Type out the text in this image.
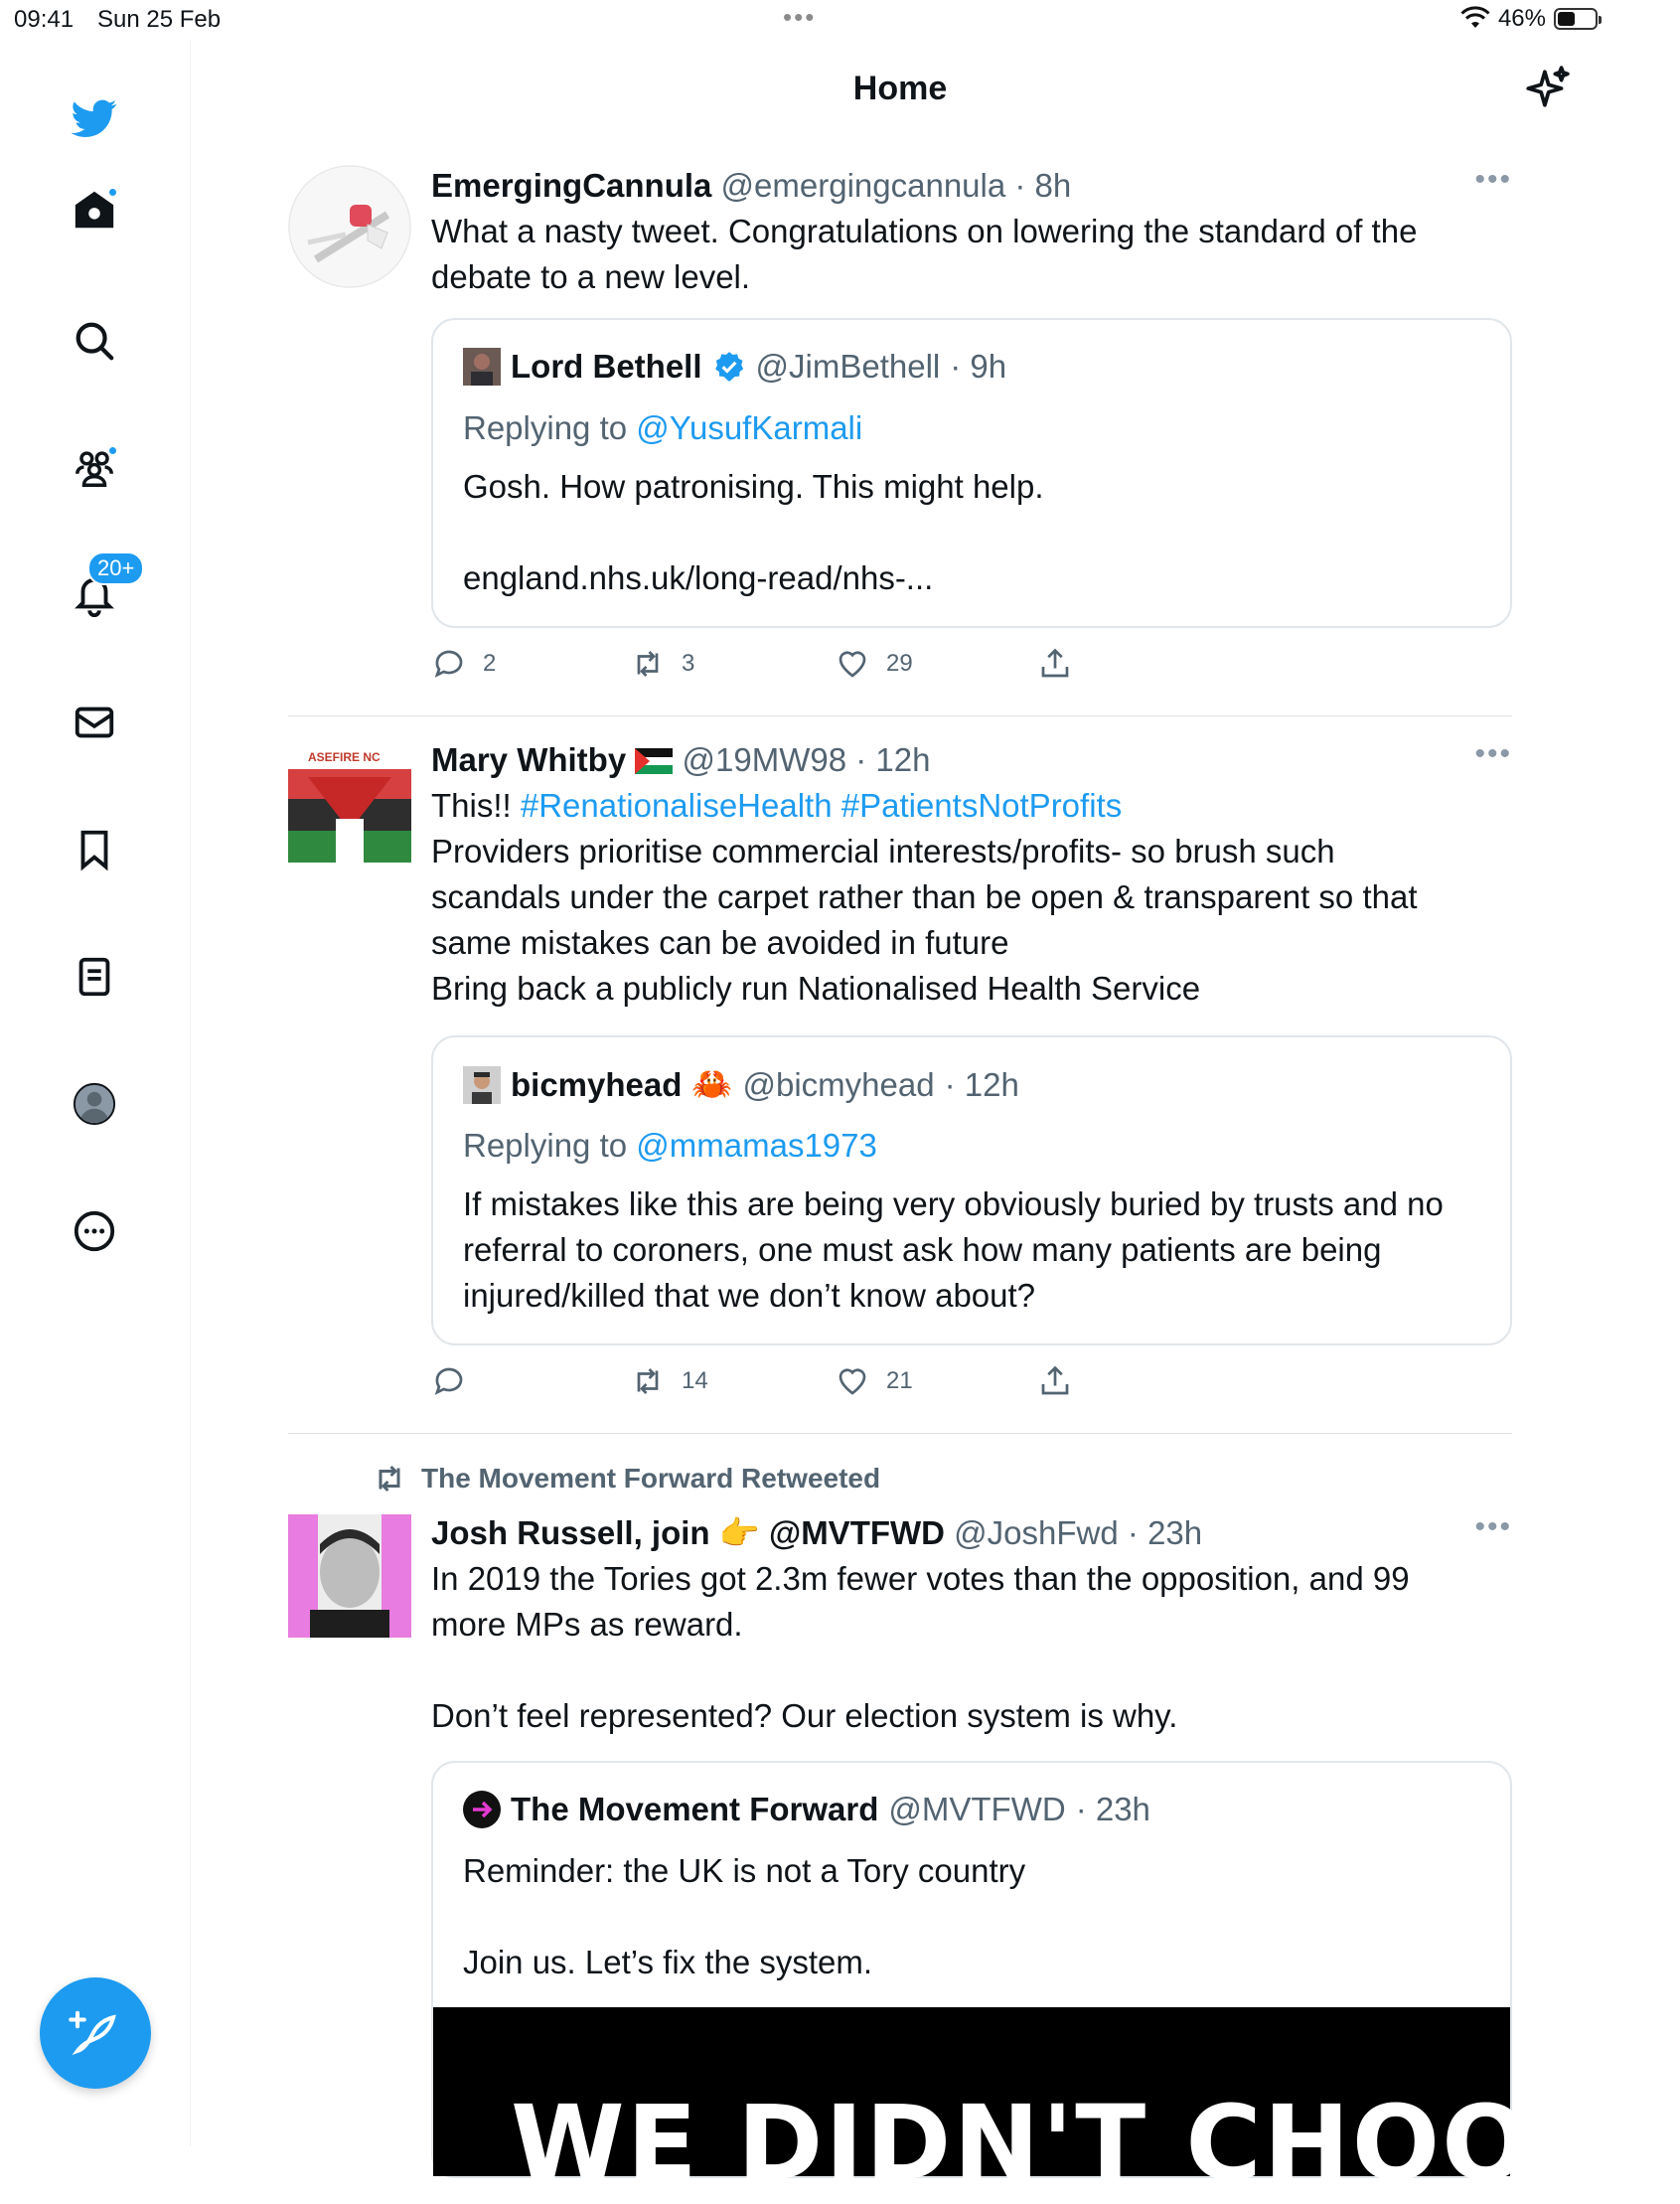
09:41 Sun 25 Feb	•••	46%
20+
Home
EmergingCannula @emergingcannula · 8h
What a nasty tweet. Congratulations on lowering the standard of the
debate to a new level.
•••
Lord Bethell @JimBethell · 9h
Replying to @YusufKarmali
Gosh. How patronising. This might help.
england.nhs.uk/long-read/nhs-...
2	3	29
ASEFIRE NC Mary Whitby @19MW98 · 12h
This!! #RenationaliseHealth #PatientsNotProfits
Providers prioritise commercial interests/profits- so brush such
scandals under the carpet rather than be open & transparent so that
same mistakes can be avoided in future
Bring back a publicly run Nationalised Health Service
•••
bicmyhead 🦀 @bicmyhead · 12h
Replying to @mmamas1973
If mistakes like this are being very obviously buried by trusts and no
referral to coroners, one must ask how many patients are being
injured/killed that we don’t know about?
14	21
The Movement Forward Retweeted
Josh Russell, join 👉 @MVTFWD @JoshFwd · 23h
In 2019 the Tories got 2.3m fewer votes than the opposition, and 99
more MPs as reward.
Don’t feel represented? Our election system is why.
•••
The Movement Forward @MVTFWD · 23h
Reminder: the UK is not a Tory country
Join us. Let’s fix the system.
WE DIDN'T CHOOSE
